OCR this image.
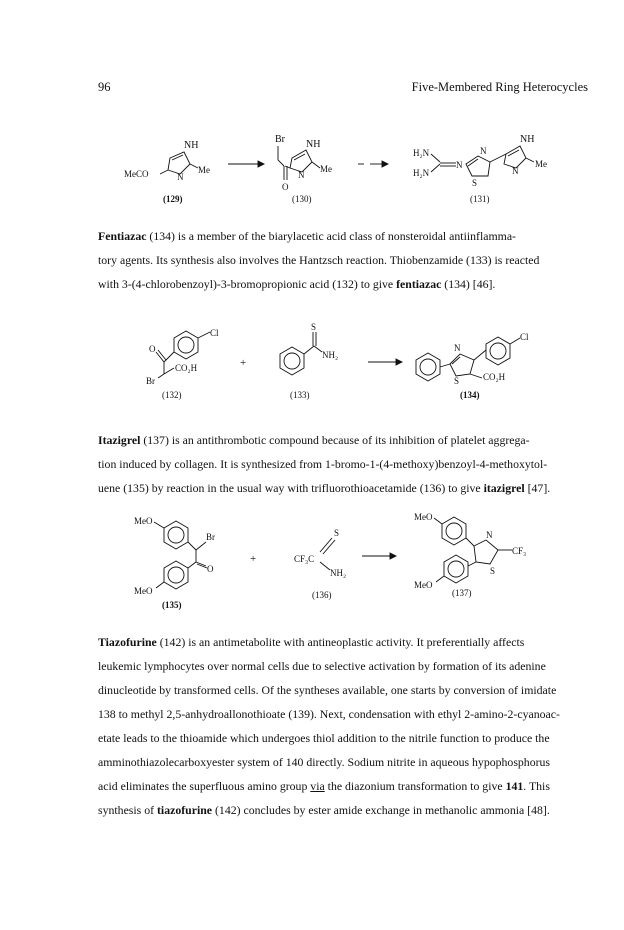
96	Five-Membered Ring Heterocycles
NH
N
Me
MeCO
(129)
Br
O
NH
N
Me
(130)
H₂N
H₂N
N
N
S
NH
N
Me
(131)

Fentiazac (134) is a member of the biarylacetic acid class of nonsteroidal antiinflamma-
tory agents. Its synthesis also involves the Hantzsch reaction. Thiobenzamide (133) is reacted
with 3-(4-chlorobenzoyl)-3-bromopropionic acid (132) to give fentiazac (134) [46].

Cl
O
CO₂H
Br
(132)
+
S
NH₂
(133)
N
S
Cl
CO₂H
(134)

Itazigrel (137) is an antithrombotic compound because of its inhibition of platelet aggrega-
tion induced by collagen. It is synthesized from 1-bromo-1-(4-methoxy)benzoyl-4-methoxytol-
uene (135) by reaction in the usual way with trifluorothioacetamide (136) to give itazigrel [47].

MeO
Br
O
MeO
(135)
+
S
CF₃C
NH₂
(136)
MeO
N
S
CF₃
MeO
(137)

Tiazofurine (142) is an antimetabolite with antineoplastic activity. It preferentially affects
leukemic lymphocytes over normal cells due to selective activation by formation of its adenine
dinucleotide by transformed cells. Of the syntheses available, one starts by conversion of imidate
138 to methyl 2,5-anhydroallonothioate (139). Next, condensation with ethyl 2-amino-2-cyanoac-
etate leads to the thioamide which undergoes thiol addition to the nitrile function to produce the
amminothiazolecarboxyester system of 140 directly. Sodium nitrite in aqueous hypophosphorus
acid eliminates the superfluous amino group via the diazonium transformation to give 141. This
synthesis of tiazofurine (142) concludes by ester amide exchange in methanolic ammonia [48].
